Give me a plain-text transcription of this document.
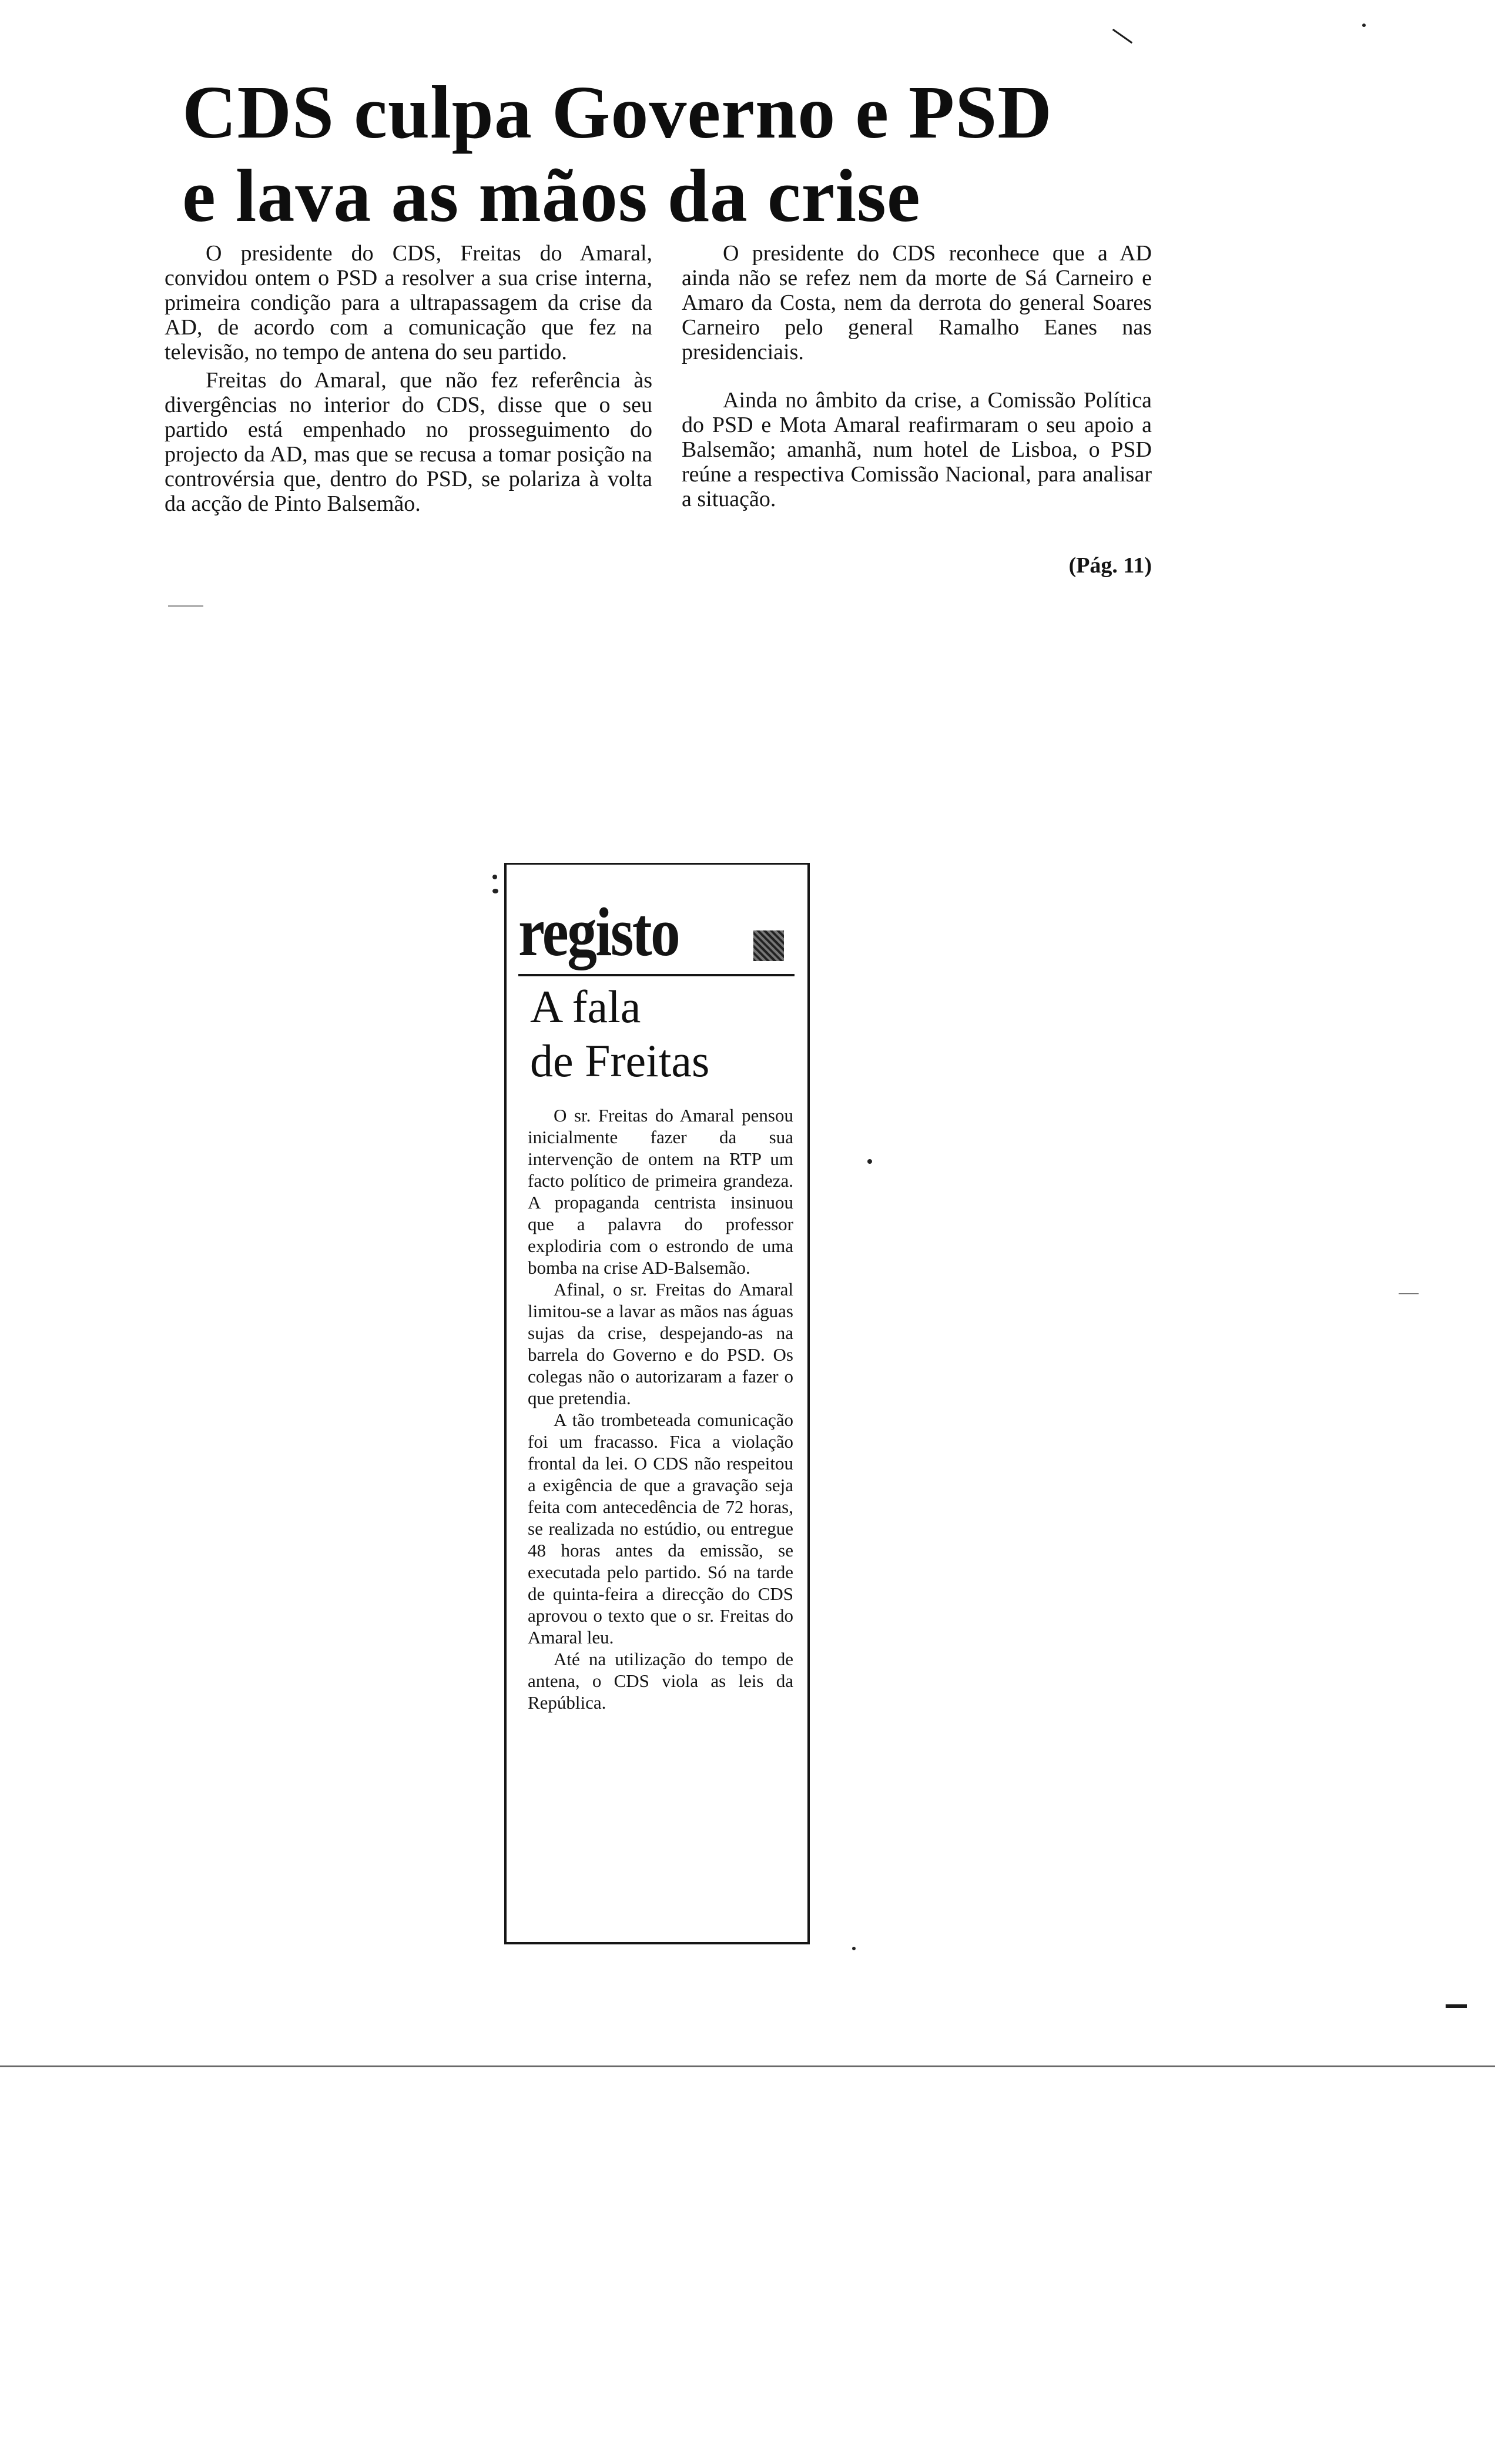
CDS culpa Governo e PSD
e lava as mãos da crise

O presidente do CDS, Freitas do Amaral, convidou ontem o PSD a resolver a sua crise interna, primeira condição para a ultrapassagem da crise da AD, de acordo com a comunicação que fez na televisão, no tempo de antena do seu partido.

Freitas do Amaral, que não fez referência às divergências no interior do CDS, disse que o seu partido está empenhado no prosseguimento do projecto da AD, mas que se recusa a tomar posição na controvérsia que, dentro do PSD, se polariza à volta da acção de Pinto Balsemão.

O presidente do CDS reconhece que a AD ainda não se refez nem da morte de Sá Carneiro e Amaro da Costa, nem da derrota do general Soares Carneiro pelo general Ramalho Eanes nas presidenciais.

Ainda no âmbito da crise, a Comissão Política do PSD e Mota Amaral reafirmaram o seu apoio a Balsemão; amanhã, num hotel de Lisboa, o PSD reúne a respectiva Comissão Nacional, para analisar a situação.

(Pág. 11)
registo
A fala
de Freitas

O sr. Freitas do Amaral pensou inicialmente fazer da sua intervenção de ontem na RTP um facto político de primeira grandeza. A propaganda centrista insinuou que a palavra do professor explodiria com o estrondo de uma bomba na crise AD-Balsemão.

Afinal, o sr. Freitas do Amaral limitou-se a lavar as mãos nas águas sujas da crise, despejando-as na barrela do Governo e do PSD. Os colegas não o autorizaram a fazer o que pretendia.

A tão trombeteada comunicação foi um fracasso. Fica a violação frontal da lei. O CDS não respeitou a exigência de que a gravação seja feita com antecedência de 72 horas, se realizada no estúdio, ou entregue 48 horas antes da emissão, se executada pelo partido. Só na tarde de quinta-feira a direcção do CDS aprovou o texto que o sr. Freitas do Amaral leu.

Até na utilização do tempo de antena, o CDS viola as leis da República.
